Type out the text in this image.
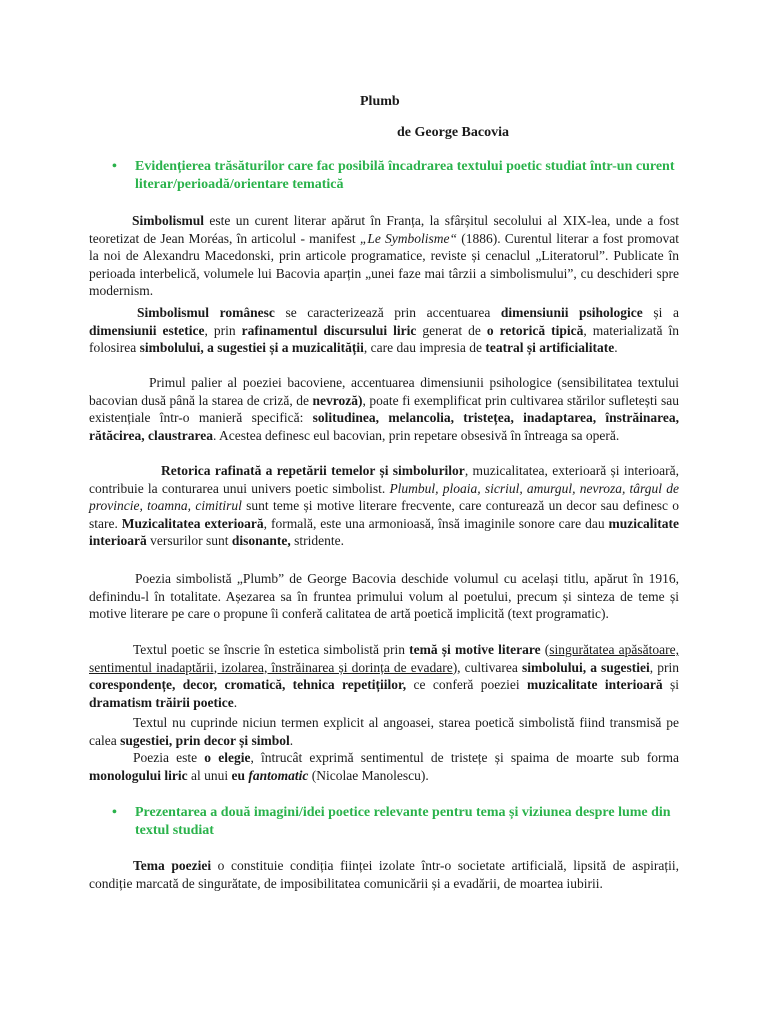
Plumb
de George Bacovia
• Evidențierea trăsăturilor care fac posibilă încadrarea textului poetic studiat într-un curent literar/perioadă/orientare tematică
Simbolismul este un curent literar apărut în Franța, la sfârșitul secolului al XIX-lea, unde a fost teoretizat de Jean Moréas, în articolul - manifest „Le Symbolisme“ (1886). Curentul literar a fost promovat la noi de Alexandru Macedonski, prin articole programatice, reviste și cenaclul „Literatorul”. Publicate în perioada interbelică, volumele lui Bacovia aparțin „unei faze mai târzii a simbolismului”, cu deschideri spre modernism.
Simbolismul românesc se caracterizează prin accentuarea dimensiunii psihologice și a dimensiunii estetice, prin rafinamentul discursului liric generat de o retorică tipică, materializată în folosirea simbolului, a sugestiei și a muzicalității, care dau impresia de teatral și artificialitate.
Primul palier al poeziei bacoviene, accentuarea dimensiunii psihologice (sensibilitatea textului bacovian dusă până la starea de criză, de nevroză), poate fi exemplificat prin cultivarea stărilor sufletești sau existențiale într-o manieră specifică: solitudinea, melancolia, tristețea, inadaptarea, înstrăinarea, rătăcirea, claustrarea. Acestea definesc eul bacovian, prin repetare obsesivă în întreaga sa operă.
Retorica rafinată a repetării temelor și simbolurilor, muzicalitatea, exterioară și interioară, contribuie la conturarea unui univers poetic simbolist. Plumbul, ploaia, sicriul, amurgul, nevroza, târgul de provincie, toamna, cimitirul sunt teme și motive literare frecvente, care conturează un decor sau definesc o stare. Muzicalitatea exterioară, formală, este una armonioasă, însă imaginile sonore care dau muzicalitate interioară versurilor sunt disonante, stridente.
Poezia simbolistă „Plumb” de George Bacovia deschide volumul cu același titlu, apărut în 1916, definindu-l în totalitate. Așezarea sa în fruntea primului volum al poetului, precum și sinteza de teme și motive literare pe care o propune îi conferă calitatea de artă poetică implicită (text programatic).
Textul poetic se înscrie în estetica simbolistă prin temă și motive literare (singurătatea apăsătoare, sentimentul inadaptării, izolarea, înstrăinarea și dorința de evadare), cultivarea simbolului, a sugestiei, prin corespondențe, decor, cromatică, tehnica repetițiilor, ce conferă poeziei muzicalitate interioară și dramatism trăirii poetice.
Textul nu cuprinde niciun termen explicit al angoasei, starea poetică simbolistă fiind transmisă pe calea sugestiei, prin decor și simbol.
Poezia este o elegie, întrucât exprimă sentimentul de tristețe și spaima de moarte sub forma monologului liric al unui eu fantomatic (Nicolae Manolescu).
• Prezentarea a două imagini/idei poetice relevante pentru tema și viziunea despre lume din textul studiat
Tema poeziei o constituie condiția ființei izolate într-o societate artificială, lipsită de aspirații, condiție marcată de singurătate, de imposibilitatea comunicării și a evadării, de moartea iubirii.
